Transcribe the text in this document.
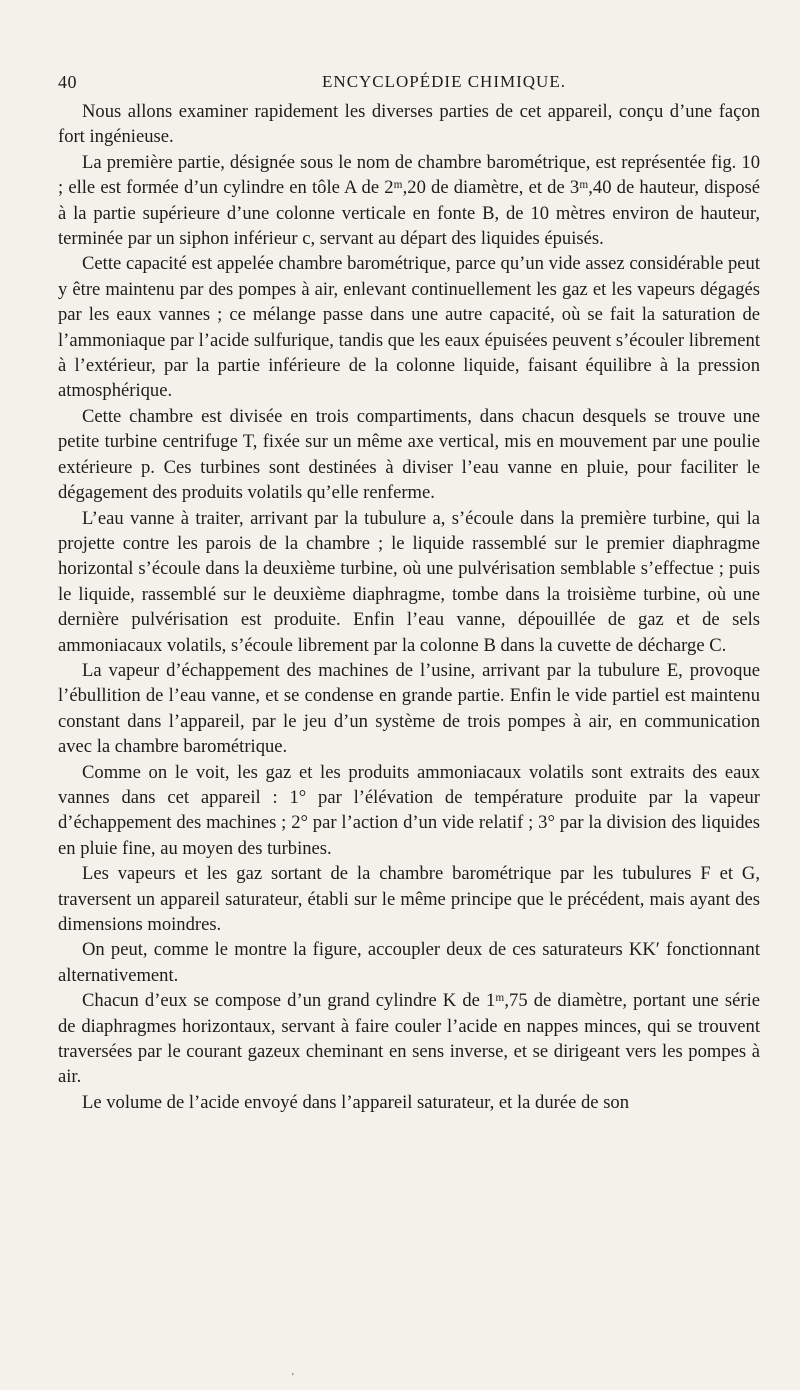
40	ENCYCLOPÉDIE CHIMIQUE.

Nous allons examiner rapidement les diverses parties de cet appareil, conçu d’une façon fort ingénieuse.

La première partie, désignée sous le nom de chambre barométrique, est représentée fig. 10 ; elle est formée d’un cylindre en tôle A de 2ᵐ,20 de diamètre, et de 3ᵐ,40 de hauteur, disposé à la partie supérieure d’une colonne verticale en fonte B, de 10 mètres environ de hauteur, terminée par un siphon inférieur c, servant au départ des liquides épuisés.

Cette capacité est appelée chambre barométrique, parce qu’un vide assez considérable peut y être maintenu par des pompes à air, enlevant continuellement les gaz et les vapeurs dégagés par les eaux vannes ; ce mélange passe dans une autre capacité, où se fait la saturation de l’ammoniaque par l’acide sulfurique, tandis que les eaux épuisées peuvent s’écouler librement à l’extérieur, par la partie inférieure de la colonne liquide, faisant équilibre à la pression atmosphérique.

Cette chambre est divisée en trois compartiments, dans chacun desquels se trouve une petite turbine centrifuge T, fixée sur un même axe vertical, mis en mouvement par une poulie extérieure p. Ces turbines sont destinées à diviser l’eau vanne en pluie, pour faciliter le dégagement des produits volatils qu’elle renferme.

L’eau vanne à traiter, arrivant par la tubulure a, s’écoule dans la première turbine, qui la projette contre les parois de la chambre ; le liquide rassemblé sur le premier diaphragme horizontal s’écoule dans la deuxième turbine, où une pulvérisation semblable s’effectue ; puis le liquide, rassemblé sur le deuxième diaphragme, tombe dans la troisième turbine, où une dernière pulvérisation est produite. Enfin l’eau vanne, dépouillée de gaz et de sels ammoniacaux volatils, s’écoule librement par la colonne B dans la cuvette de décharge C.

La vapeur d’échappement des machines de l’usine, arrivant par la tubulure E, provoque l’ébullition de l’eau vanne, et se condense en grande partie. Enfin le vide partiel est maintenu constant dans l’appareil, par le jeu d’un système de trois pompes à air, en communication avec la chambre barométrique.

Comme on le voit, les gaz et les produits ammoniacaux volatils sont extraits des eaux vannes dans cet appareil : 1° par l’élévation de température produite par la vapeur d’échappement des machines ; 2° par l’action d’un vide relatif ; 3° par la division des liquides en pluie fine, au moyen des turbines.

Les vapeurs et les gaz sortant de la chambre barométrique par les tubulures F et G, traversent un appareil saturateur, établi sur le même principe que le précédent, mais ayant des dimensions moindres.

On peut, comme le montre la figure, accoupler deux de ces saturateurs KK′ fonctionnant alternativement.

Chacun d’eux se compose d’un grand cylindre K de 1ᵐ,75 de diamètre, portant une série de diaphragmes horizontaux, servant à faire couler l’acide en nappes minces, qui se trouvent traversées par le courant gazeux cheminant en sens inverse, et se dirigeant vers les pompes à air.

Le volume de l’acide envoyé dans l’appareil saturateur, et la durée de son

'
